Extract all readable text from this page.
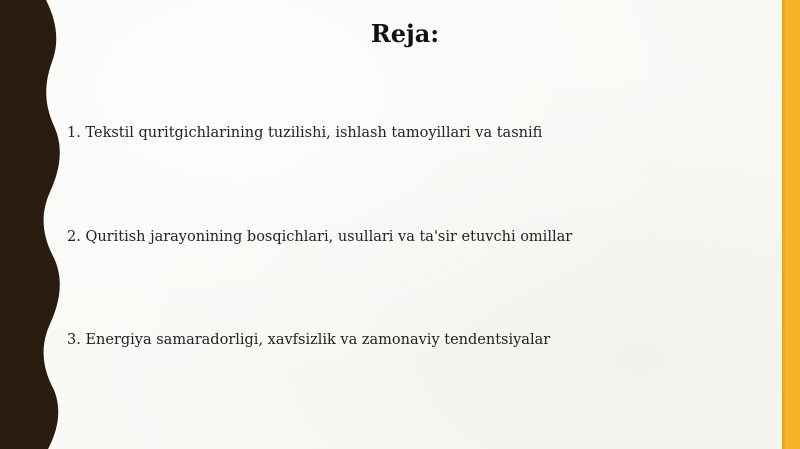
Reja:
1. Tekstil quritgichlarining tuzilishi, ishlash tamoyillari va tasnifi
2. Quritish jarayonining bosqichlari, usullari va ta'sir etuvchi omillar
3. Energiya samaradorligi, xavfsizlik va zamonaviy tendentsiyalar
